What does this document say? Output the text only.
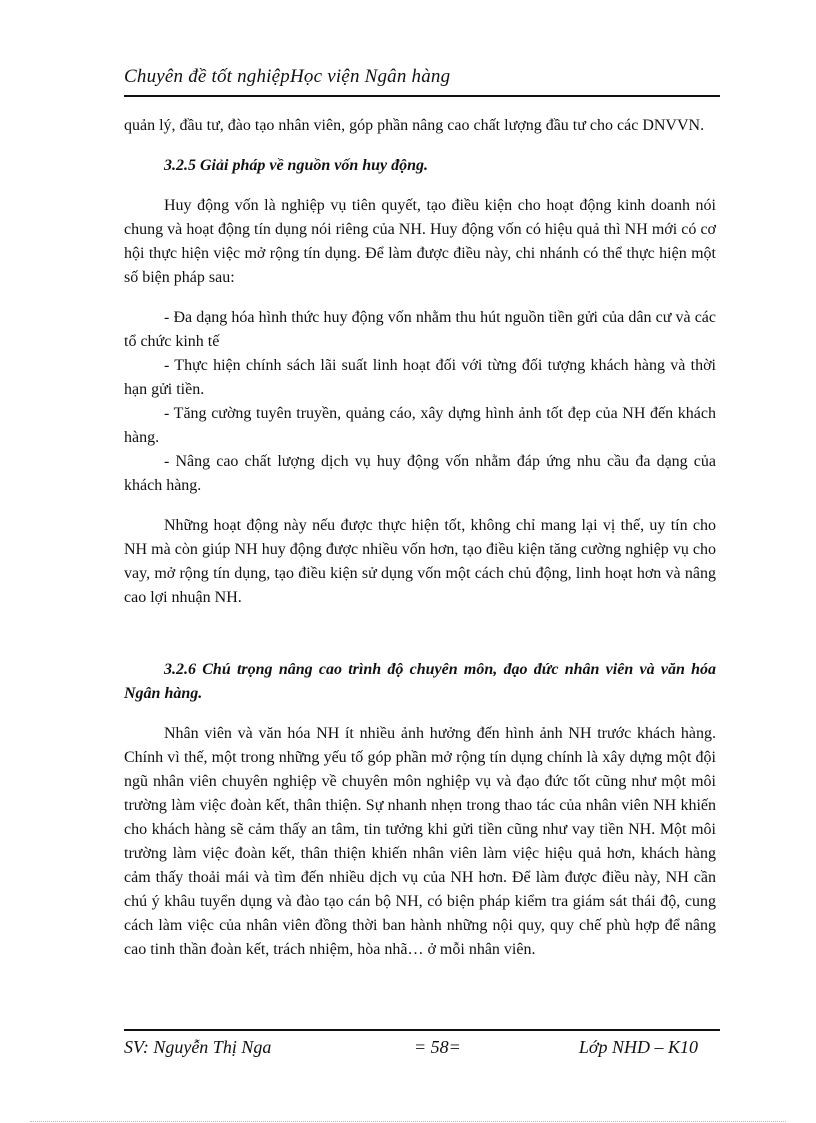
Chuyên đề tốt nghiệpHọc viện Ngân hàng

quản lý, đầu tư, đào tạo nhân viên, góp phần nâng cao chất lượng đầu tư cho các DNVVN.

3.2.5 Giải pháp về nguồn vốn huy động.

Huy động vốn là nghiệp vụ tiên quyết, tạo điều kiện cho hoạt động kinh doanh nói chung và hoạt động tín dụng nói riêng của NH. Huy động vốn có hiệu quả thì NH mới có cơ hội thực hiện việc mở rộng tín dụng. Để làm được điều này, chi nhánh có thể thực hiện một số biện pháp sau:

- Đa dạng hóa hình thức huy động vốn nhằm thu hút nguồn tiền gửi của dân cư và các tổ chức kinh tế

- Thực hiện chính sách lãi suất linh hoạt đối với từng đối tượng khách hàng và thời hạn gửi tiền.

- Tăng cường tuyên truyền, quảng cáo, xây dựng hình ảnh tốt đẹp của NH đến khách hàng.

- Nâng cao chất lượng dịch vụ huy động vốn nhằm đáp ứng nhu cầu đa dạng của khách hàng.

Những hoạt động này nếu được thực hiện tốt, không chỉ mang lại vị thế, uy tín cho NH mà còn giúp NH huy động được nhiều vốn hơn, tạo điều kiện tăng cường nghiệp vụ cho vay, mở rộng tín dụng, tạo điều kiện sử dụng vốn một cách chủ động, linh hoạt hơn và nâng cao lợi nhuận NH.

3.2.6 Chú trọng nâng cao trình độ chuyên môn, đạo đức nhân viên và văn hóa Ngân hàng.

Nhân viên và văn hóa NH ít nhiều ảnh hưởng đến hình ảnh NH trước khách hàng. Chính vì thế, một trong những yếu tố góp phần mở rộng tín dụng chính là xây dựng một đội ngũ nhân viên chuyên nghiệp về chuyên môn nghiệp vụ và đạo đức tốt cũng như một môi trường làm việc đoàn kết, thân thiện. Sự nhanh nhẹn trong thao tác của nhân viên NH khiến cho khách hàng sẽ cảm thấy an tâm, tin tưởng khi gửi tiền cũng như vay tiền NH. Một môi trường làm việc đoàn kết, thân thiện khiến nhân viên làm việc hiệu quả hơn, khách hàng cảm thấy thoải mái và tìm đến nhiều dịch vụ của NH hơn. Để làm được điều này, NH cần chú ý khâu tuyển dụng và đào tạo cán bộ NH, có biện pháp kiểm tra giám sát thái độ, cung cách làm việc của nhân viên đồng thời ban hành những nội quy, quy chế phù hợp để nâng cao tinh thần đoàn kết, trách nhiệm, hòa nhã… ở mỗi nhân viên.

SV: Nguyễn Thị Nga	= 58=	Lớp NHD – K10
